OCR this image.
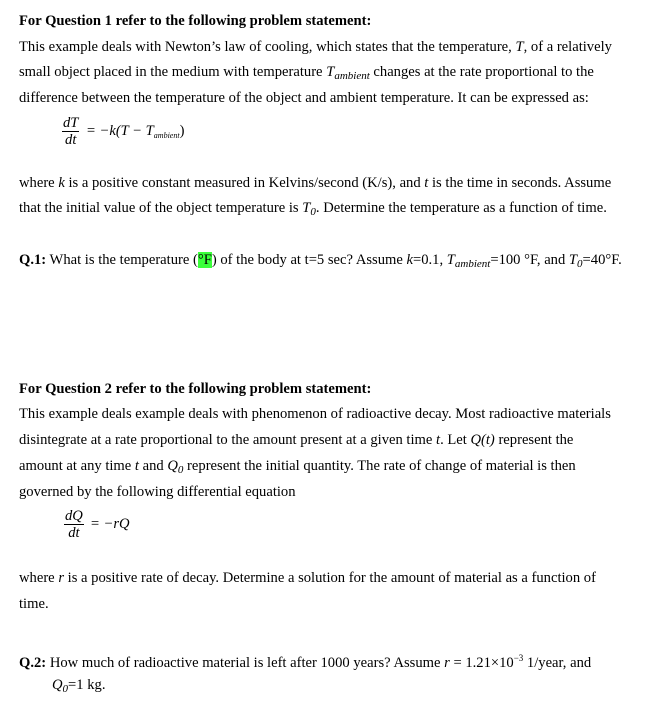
For Question 1 refer to the following problem statement:
This example deals with Newton’s law of cooling, which states that the temperature, T, of a relatively
small object placed in the medium with temperature $T_{ambient}$ changes at the rate proportional to the
difference between the temperature of the object and ambient temperature. It can be expressed as:
$\frac{dT}{dt} = -k(T - T_{ambient})$
where k is a positive constant measured in Kelvins/second (K/s), and t is the time in seconds. Assume
that the initial value of the object temperature is $T_0$. Determine the temperature as a function of time.
Q.1: What is the temperature (°F) of the body at t=5 sec? Assume k=0.1, $T_{ambient}=100$ °F, and $T_0=40^\circ F$.
For Question 2 refer to the following problem statement:
This example deals example deals with phenomenon of radioactive decay. Most radioactive materials
disintegrate at a rate proportional to the amount present at a given time t. Let Q(t) represent the
amount at any time t and $Q_0$ represent the initial quantity. The rate of change of material is then
governed by the following differential equation
$\frac{dQ}{dt} = -rQ$
where r is a positive rate of decay. Determine a solution for the amount of material as a function of
time.
Q.2: How much of radioactive material is left after 1000 years? Assume $r = 1.21\times 10^{-3}$ 1/year, and
$Q_0=1$ kg.
